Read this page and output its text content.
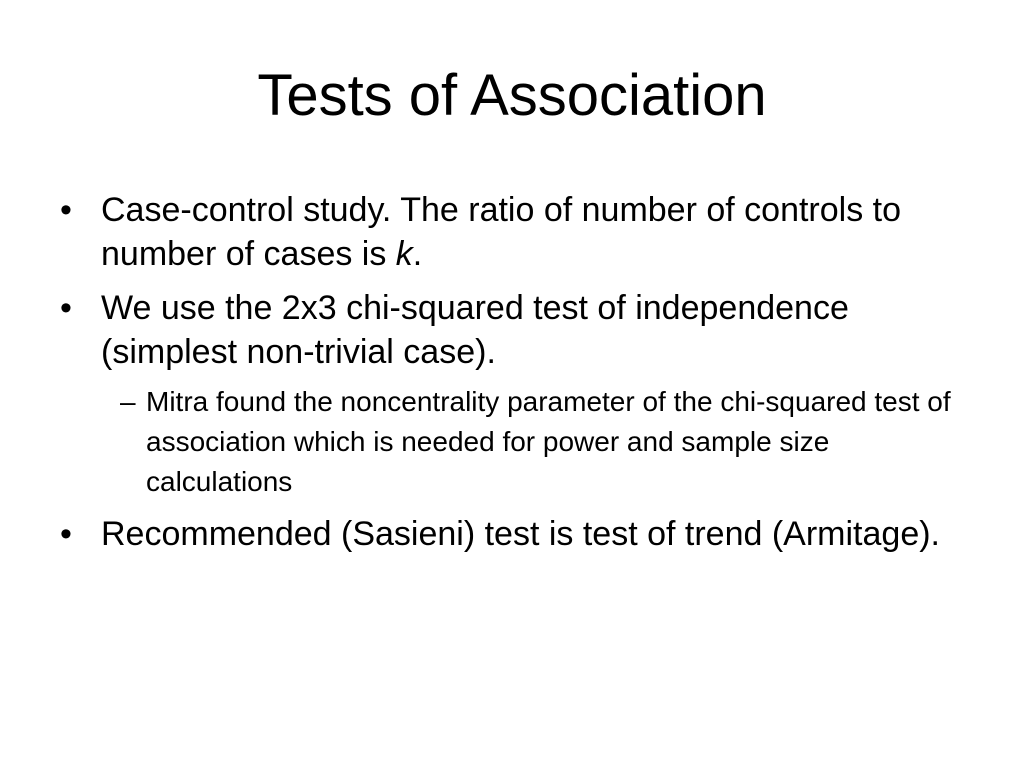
Tests of Association
• Case-control study. The ratio of number of controls to number of cases is k.
• We use the 2x3 chi-squared test of independence (simplest non-trivial case).
– Mitra found the noncentrality parameter of the chi-squared test of association which is needed for power and sample size calculations
• Recommended (Sasieni) test is test of trend (Armitage).
